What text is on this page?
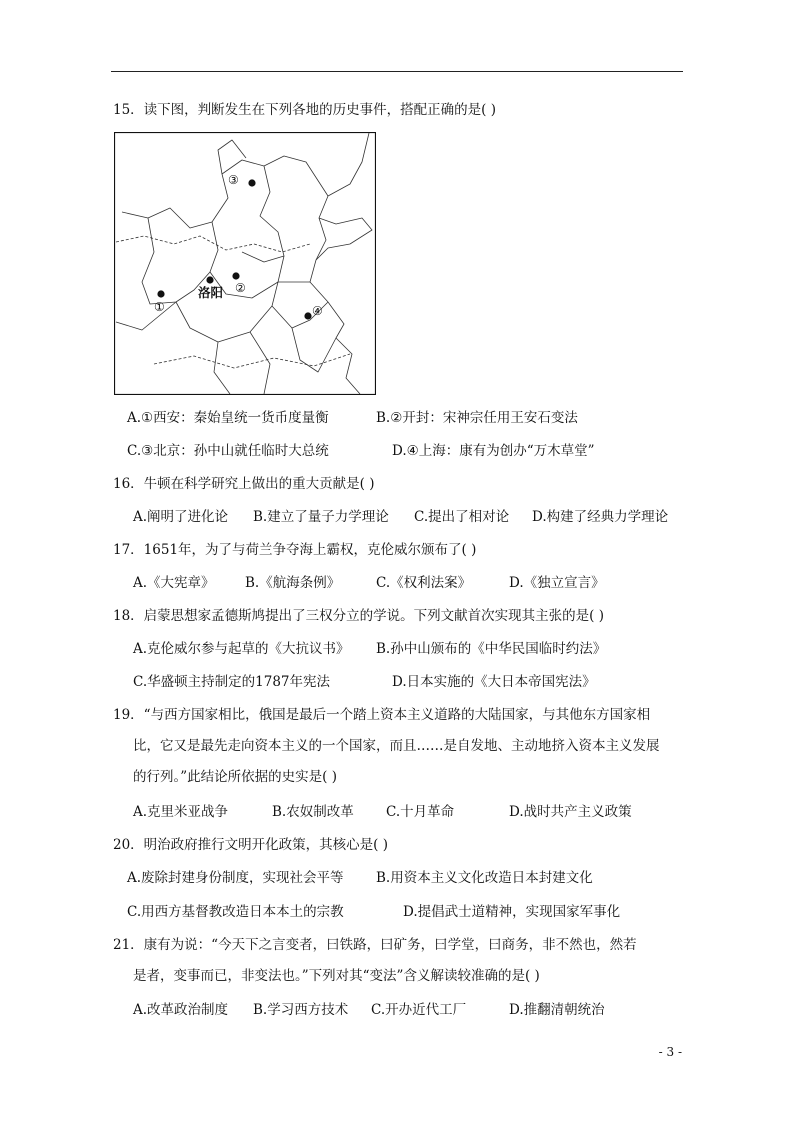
15．读下图，判断发生在下列各地的历史事件，搭配正确的是( )
①
洛阳 ②
③
④
A.①西安：秦始皇统一货币度量衡	B.②开封：宋神宗任用王安石变法
C.③北京：孙中山就任临时大总统	D.④上海：康有为创办“万木草堂”
16．牛顿在科学研究上做出的重大贡献是( )
A.阐明了进化论 B.建立了量子力学理论 C.提出了相对论 D.构建了经典力学理论
17．1651年，为了与荷兰争夺海上霸权，克伦威尔颁布了( )
A.《大宪章》 B.《航海条例》	C.《权利法案》	D.《独立宣言》
18．启蒙思想家孟德斯鸠提出了三权分立的学说。下列文献首次实现其主张的是( )
A.克伦威尔参与起草的《大抗议书》 B.孙中山颁布的《中华民国临时约法》
C.华盛顿主持制定的1787年宪法	D.日本实施的《大日本帝国宪法》
19．“与西方国家相比，俄国是最后一个踏上资本主义道路的大陆国家，与其他东方国家相
比，它又是最先走向资本主义的一个国家，而且……是自发地、主动地挤入资本主义发展
的行列。”此结论所依据的史实是( )
A.克里米亚战争	B.农奴制改革 C.十月革命	D.战时共产主义政策
20．明治政府推行文明开化政策，其核心是( )
A.废除封建身份制度，实现社会平等 B.用资本主义文化改造日本封建文化
C.用西方基督教改造日本本土的宗教	D.提倡武士道精神，实现国家军事化
21．康有为说：“今天下之言变者，曰铁路，曰矿务，曰学堂，曰商务，非不然也，然若
是者，变事而已，非变法也。”下列对其“变法”含义解读较准确的是( )
A.改革政治制度 B.学习西方技术 C.开办近代工厂	D.推翻清朝统治
- 3 -
